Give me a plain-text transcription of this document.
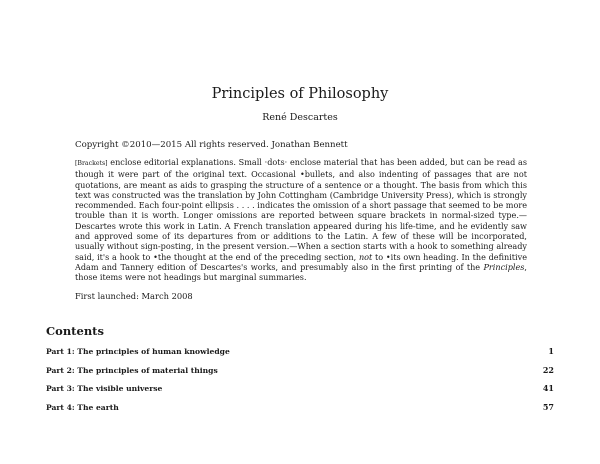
Principles of Philosophy

René Descartes

Copyright ©2010—2015 All rights reserved. Jonathan Bennett

[Brackets] enclose editorial explanations. Small ·dots· enclose material that has been added, but can be read as though it were part of the original text. Occasional •bullets, and also indenting of passages that are not quotations, are meant as aids to grasping the structure of a sentence or a thought. The basis from which this text was constructed was the translation by John Cottingham (Cambridge University Press), which is strongly recommended. Each four-point ellipsis . . . . indicates the omission of a short passage that seemed to be more trouble than it is worth. Longer omissions are reported between square brackets in normal-sized type.—Descartes wrote this work in Latin. A French translation appeared during his life-time, and he evidently saw and approved some of its departures from or additions to the Latin. A few of these will be incorporated, usually without sign-posting, in the present version.—When a section starts with a hook to something already said, it's a hook to •the thought at the end of the preceding section, not to •its own heading. In the definitive Adam and Tannery edition of Descartes's works, and presumably also in the first printing of the Principles, those items were not headings but marginal summaries.

First launched: March 2008

Contents
Part 1: The principles of human knowledge	1
Part 2: The principles of material things	22
Part 3: The visible universe	41
Part 4: The earth	57
